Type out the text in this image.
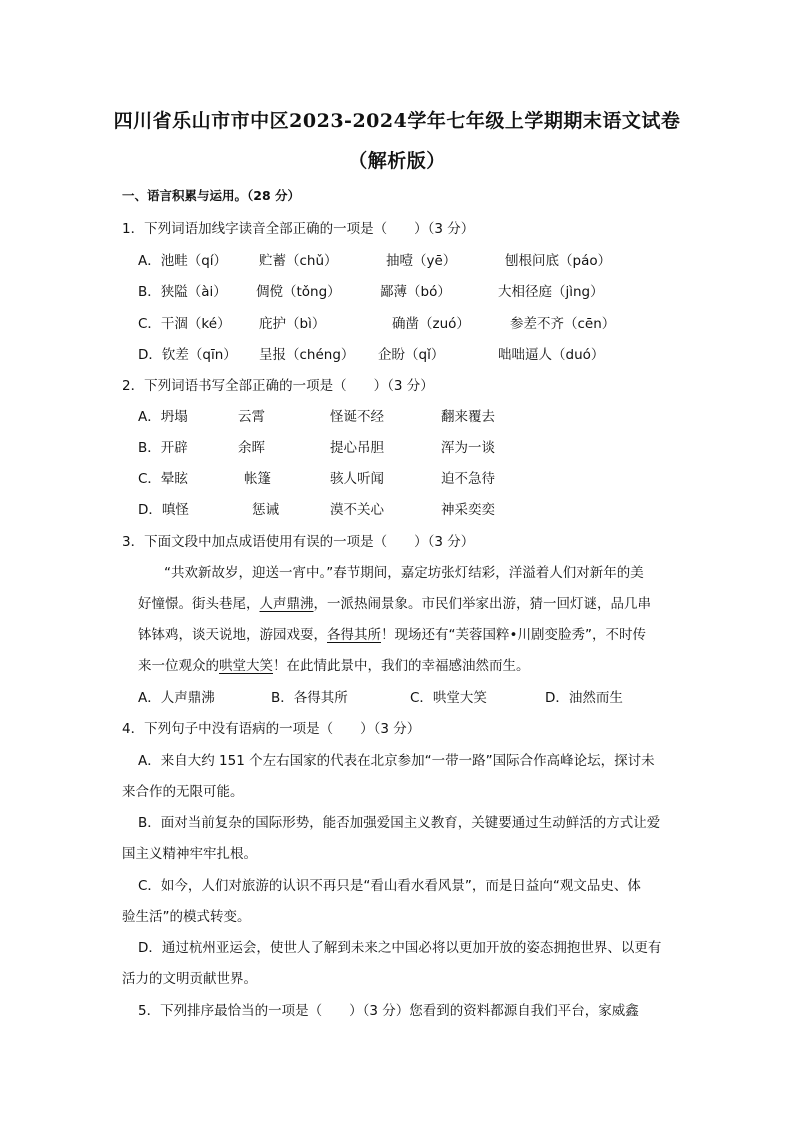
四川省乐山市市中区2023-2024学年七年级上学期期末语文试卷
（解析版）
一、语言积累与运用。（28 分）
1．下列词语加线字读音全部正确的一项是（　　）（3 分）
A．池畦（qí） 贮蓄（chǔ）	抽噎（yē）	刨根问底（páo）
B．狭隘（ài） 倜傥（tǒng）	鄙薄（bó）	大相径庭（jìng）
C．干涸（ké） 庇护（bì）	确凿（zuó）	参差不齐（cēn）
D．钦差（qīn） 呈报（chéng） 企盼（qǐ）	咄咄逼人（duó）
2．下列词语书写全部正确的一项是（　　）（3 分）
A．坍塌	云霄	怪诞不经	翻来覆去
B．开辟	余晖	提心吊胆	浑为一谈
C．晕眩	帐篷	骇人听闻	迫不急待
D．嗔怪	惩诫	漠不关心	神采奕奕
3．下面文段中加点成语使用有误的一项是（　　）（3 分）
“共欢新故岁，迎送一宵中。”春节期间，嘉定坊张灯结彩，洋溢着人们对新年的美
好憧憬。街头巷尾，人声鼎沸，一派热闹景象。市民们举家出游，猜一回灯谜，品几串
钵钵鸡，谈天说地，游园戏耍，各得其所！现场还有“芙蓉国粹•川剧变脸秀”，不时传
来一位观众的哄堂大笑！在此情此景中，我们的幸福感油然而生。
A．人声鼎沸	B．各得其所	C．哄堂大笑	D．油然而生
4．下列句子中没有语病的一项是（　　）（3 分）
A．来自大约 151 个左右国家的代表在北京参加“一带一路”国际合作高峰论坛，探讨未
来合作的无限可能。
B．面对当前复杂的国际形势，能否加强爱国主义教育，关键要通过生动鲜活的方式让爱
国主义精神牢牢扎根。
C．如今，人们对旅游的认识不再只是“看山看水看风景”，而是日益向“观文品史、体
验生活”的模式转变。
D．通过杭州亚运会，使世人了解到未来之中国必将以更加开放的姿态拥抱世界、以更有
活力的文明贡献世界。
5．下列排序最恰当的一项是（　　）（3 分）您看到的资料都源自我们平台，家威鑫
